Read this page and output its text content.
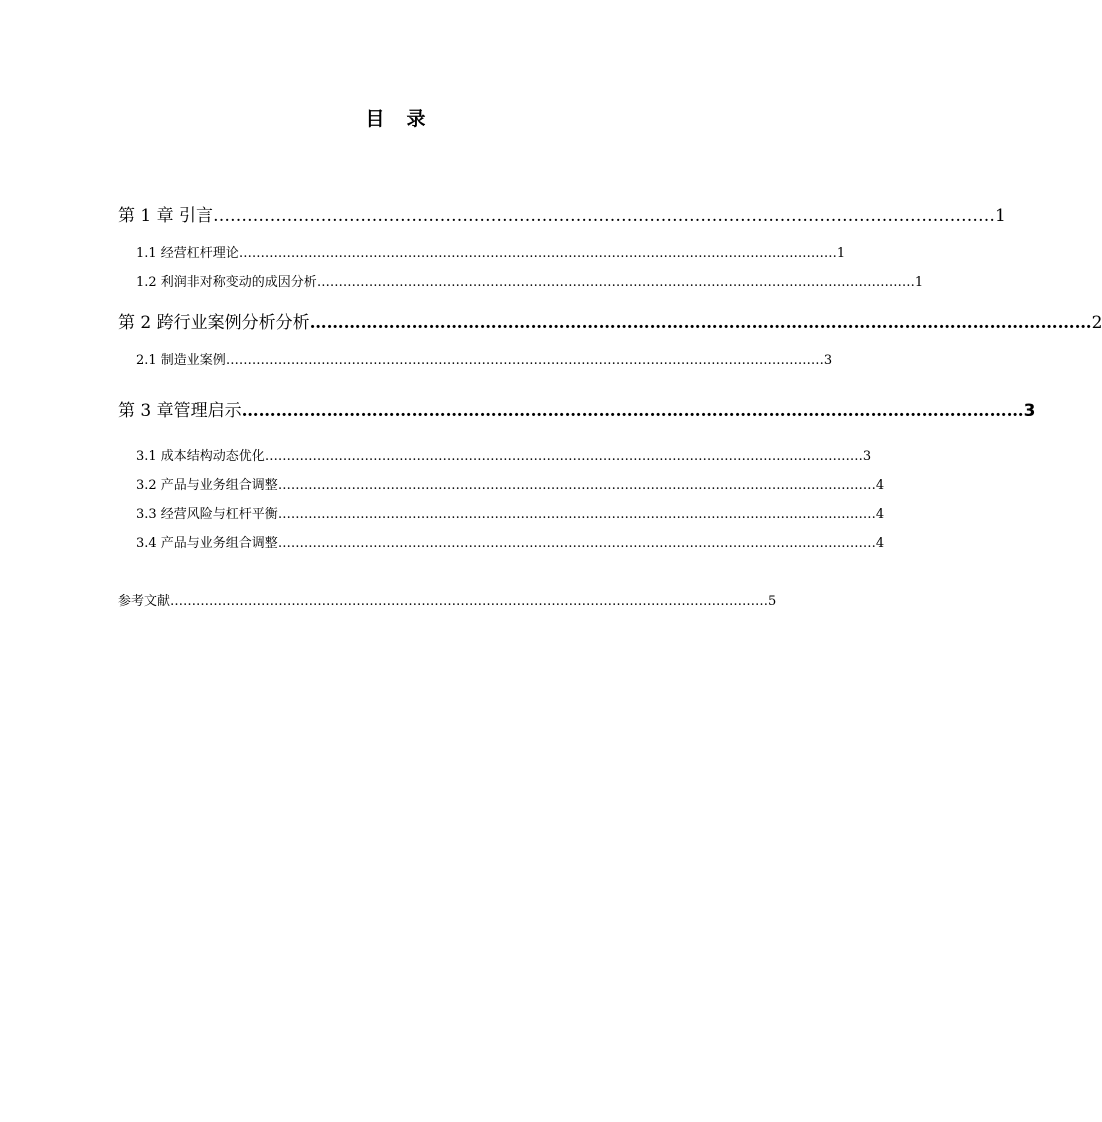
目 录
第 1 章 引言 ………………………………………………………………………………………………………………………… 1
1.1 经营杠杆理论 ………………………………………………………………………………………………………………………… 1
1.2 利润非对称变动的成因分析 ………………………………………………………………………………………………………………………… 1
第 2 跨行业案例分析分析 ………………………………………………………………………………………………………………………… 2
2.1 制造业案例 ………………………………………………………………………………………………………………………… 3
第 3 章管理启示 ………………………………………………………………………………………………………………………… 3
3.1 成本结构动态优化 ………………………………………………………………………………………………………………………… 3
3.2 产品与业务组合调整 ………………………………………………………………………………………………………………………… 4
3.3 经营风险与杠杆平衡 ………………………………………………………………………………………………………………………… 4
3.4 产品与业务组合调整 ………………………………………………………………………………………………………………………… 4
参考文献 ………………………………………………………………………………………………………………………… 5
